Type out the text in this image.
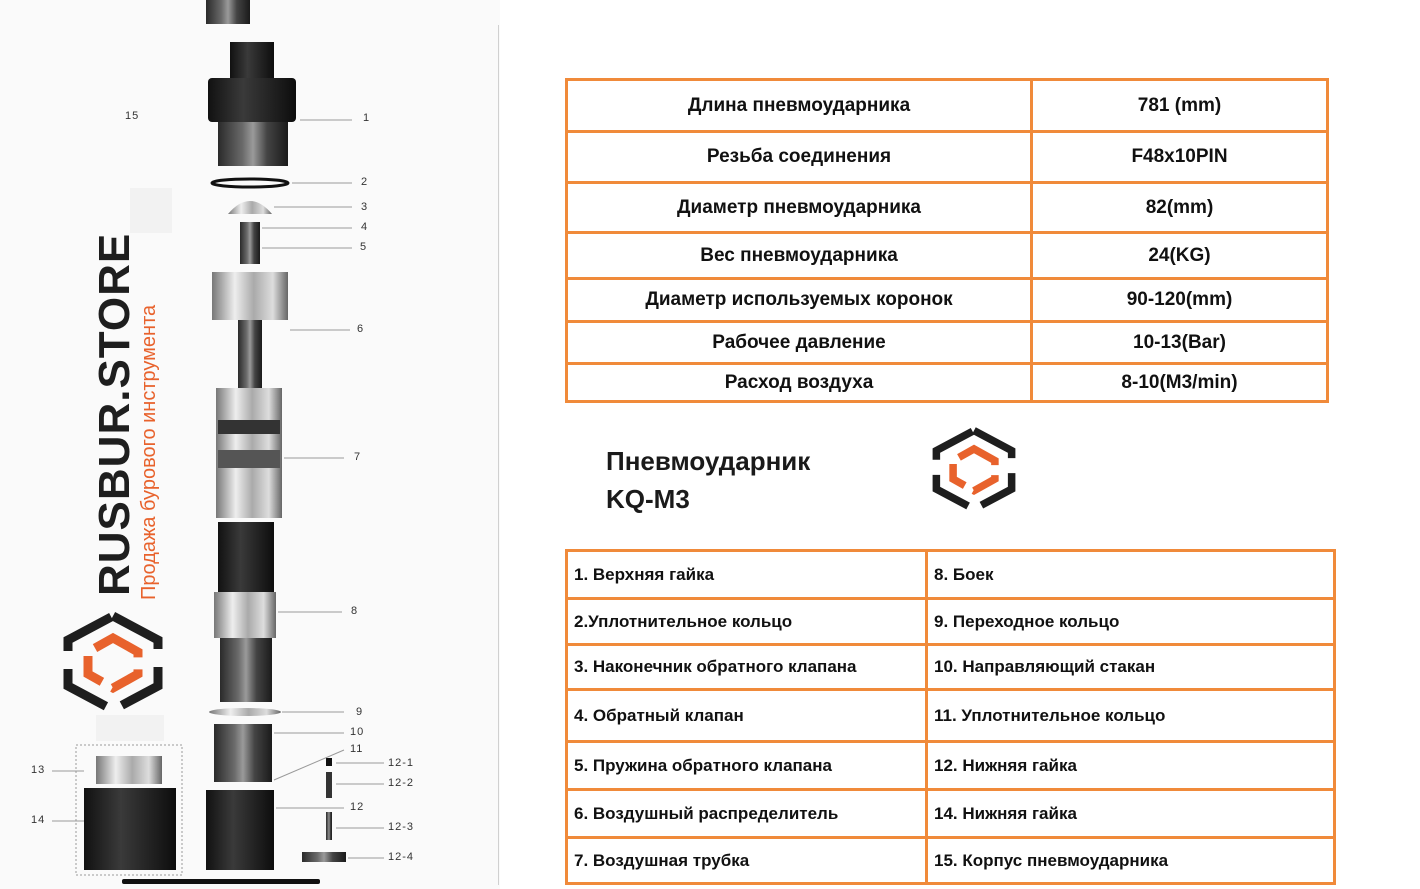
15	1
2
3
4
5
6
7
8
9
10
11
12-1
12-2
12
12-3
12-4
13
14
RUSBUR.STORE Продажа бурового инструмента
Длина пневмоударника	781 (mm)
Резьба соединения	F48x10PIN
Диаметр пневмоударника	82(mm)
Вес пневмоударника	24(KG)
Диаметр используемых коронок	90-120(mm)
Рабочее давление	10-13(Bar)
Расход воздуха	8-10(M3/min)
Пневмоударник
KQ-M3
1. Верхняя гайка	8. Боек
2.Уплотнительное кольцо	9. Переходное кольцо
3. Наконечник обратного клапана	10. Направляющий стакан
4. Обратный клапан	11. Уплотнительное кольцо
5. Пружина обратного клапана	12. Нижняя гайка
6. Воздушный распределитель	14. Нижняя гайка
7. Воздушная трубка	15. Корпус пневмоударника
